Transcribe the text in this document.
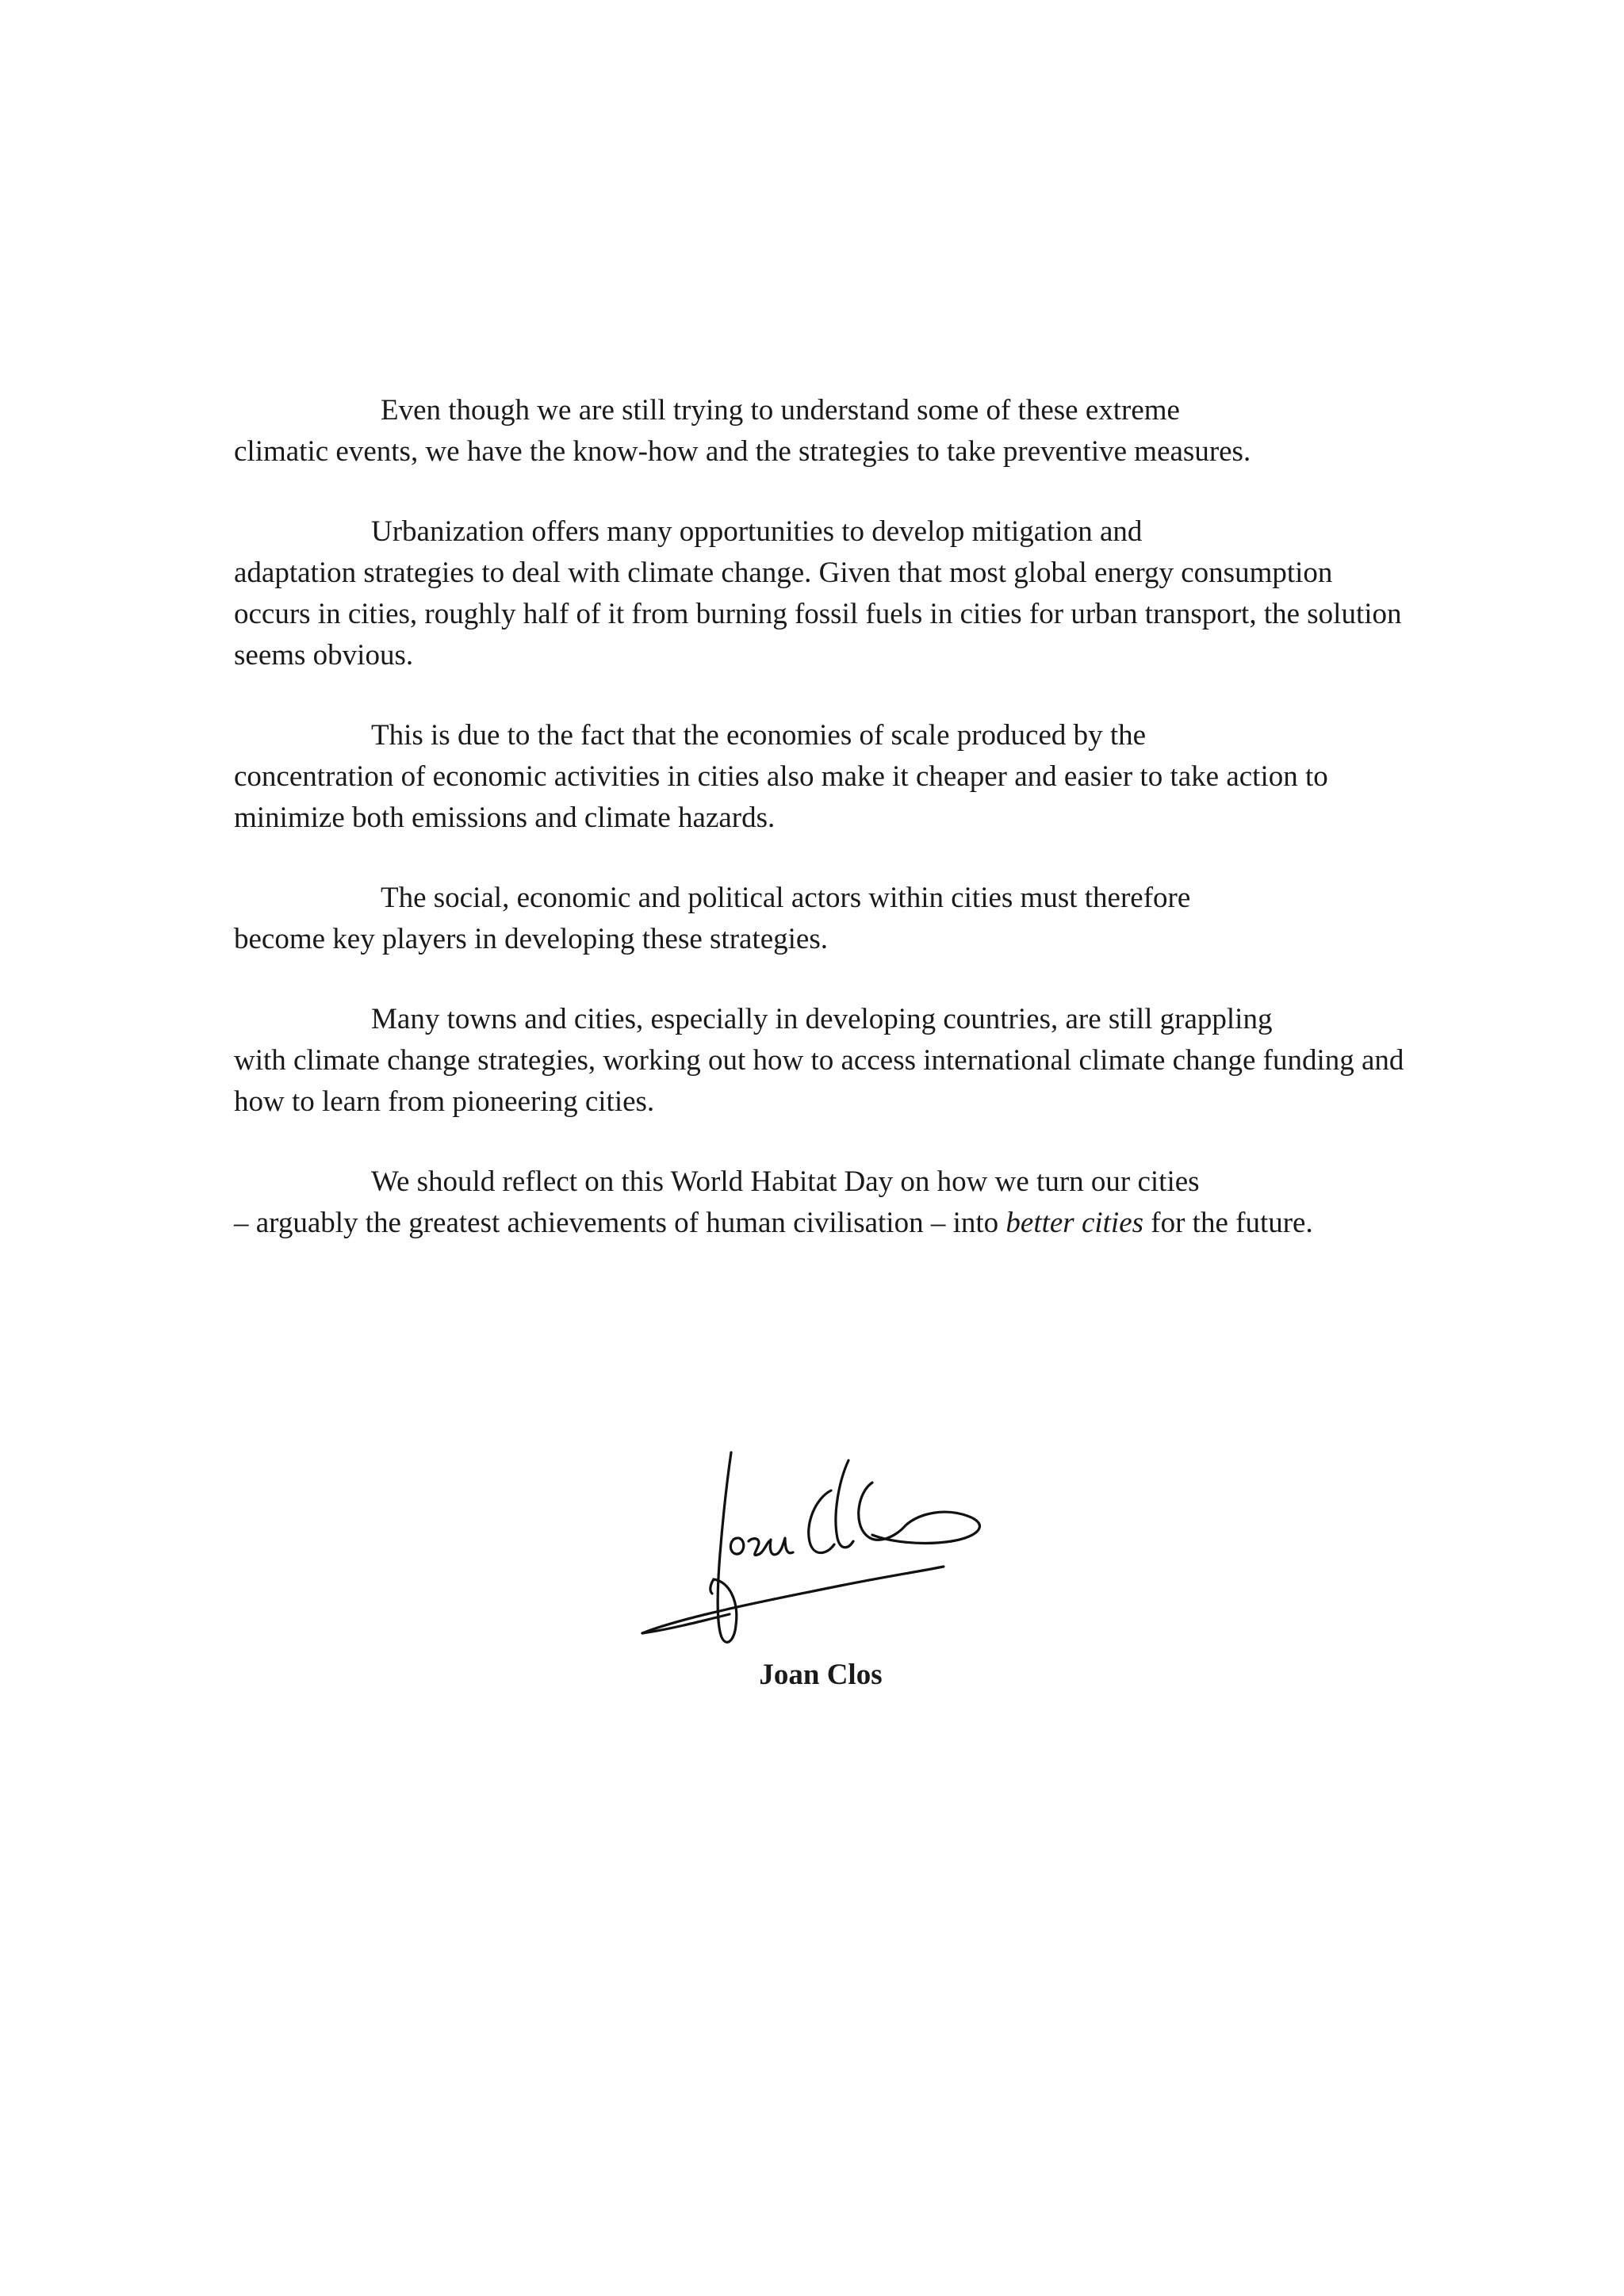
Even though we are still trying to understand some of these extreme
climatic events, we have the know-how and the strategies to take preventive measures.

Urbanization offers many opportunities to develop mitigation and
adaptation strategies to deal with climate change. Given that most global energy consumption occurs in cities, roughly half of it from burning fossil fuels in cities for urban transport, the solution seems obvious.

This is due to the fact that the economies of scale produced by the
concentration of economic activities in cities also make it cheaper and easier to take action to minimize both emissions and climate hazards.

The social, economic and political actors within cities must therefore
become key players in developing these strategies.

Many towns and cities, especially in developing countries, are still grappling
with climate change strategies, working out how to access international climate change funding and how to learn from pioneering cities.

We should reflect on this World Habitat Day on how we turn our cities
– arguably the greatest achievements of human civilisation – into better cities for the future.

Joan Clos
